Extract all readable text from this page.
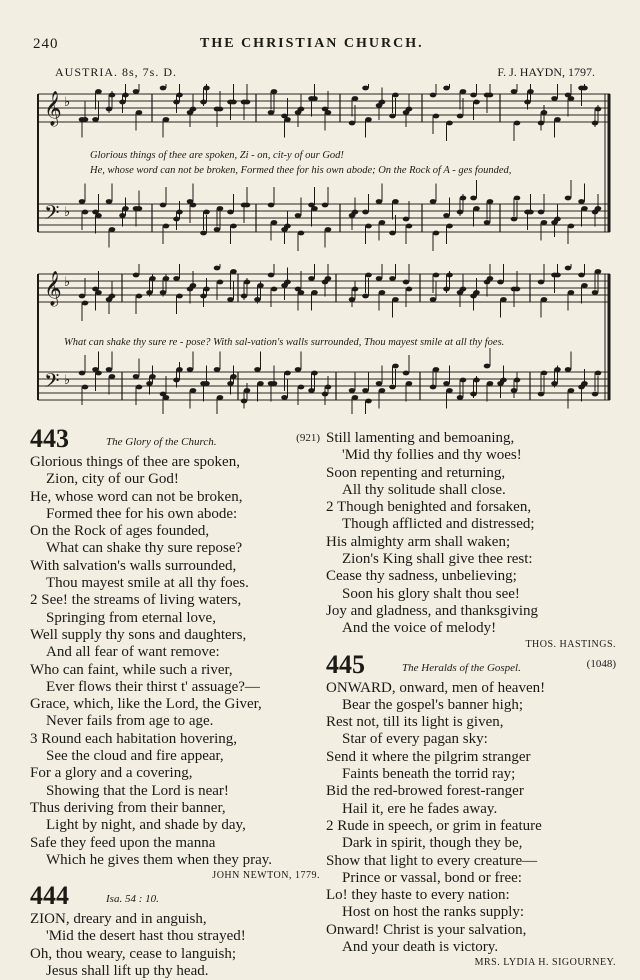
240	THE CHRISTIAN CHURCH.
AUSTRIA. 8s, 7s. D.	F. J. HAYDN, 1797.
𝄞
𝄢
♭
♭
Glorious things of thee are spoken, Zi - on, cit-y of our God!
He, whose word can not be broken, Formed thee for his own abode; On the Rock of A - ges founded,
𝄞
𝄢
♭
♭
What can shake thy sure re - pose? With sal-vation's walls surrounded, Thou mayest smile at all thy foes.
443	The Glory of the Church.	(921)
Glorious things of thee are spoken,
Zion, city of our God!
He, whose word can not be broken,
Formed thee for his own abode:
On the Rock of ages founded,
What can shake thy sure repose?
With salvation's walls surrounded,
Thou mayest smile at all thy foes.
2 See! the streams of living waters,
Springing from eternal love,
Well supply thy sons and daughters,
And all fear of want remove:
Who can faint, while such a river,
Ever flows their thirst t' assuage?—
Grace, which, like the Lord, the Giver,
Never fails from age to age.
3 Round each habitation hovering,
See the cloud and fire appear,
For a glory and a covering,
Showing that the Lord is near!
Thus deriving from their banner,
Light by night, and shade by day,
Safe they feed upon the manna
Which he gives them when they pray.
JOHN NEWTON, 1779.
444	Isa. 54 : 10.
ZION, dreary and in anguish,
'Mid the desert hast thou strayed!
Oh, thou weary, cease to languish;
Jesus shall lift up thy head.
Still lamenting and bemoaning,
'Mid thy follies and thy woes!
Soon repenting and returning,
All thy solitude shall close.
2 Though benighted and forsaken,
Though afflicted and distressed;
His almighty arm shall waken;
Zion's King shall give thee rest:
Cease thy sadness, unbelieving;
Soon his glory shalt thou see!
Joy and gladness, and thanksgiving
And the voice of melody!
THOS. HASTINGS.
445	The Heralds of the Gospel.	(1048)
ONWARD, onward, men of heaven!
Bear the gospel's banner high;
Rest not, till its light is given,
Star of every pagan sky:
Send it where the pilgrim stranger
Faints beneath the torrid ray;
Bid the red-browed forest-ranger
Hail it, ere he fades away.
2 Rude in speech, or grim in feature
Dark in spirit, though they be,
Show that light to every creature—
Prince or vassal, bond or free:
Lo! they haste to every nation:
Host on host the ranks supply:
Onward! Christ is your salvation,
And your death is victory.
MRS. LYDIA H. SIGOURNEY.
